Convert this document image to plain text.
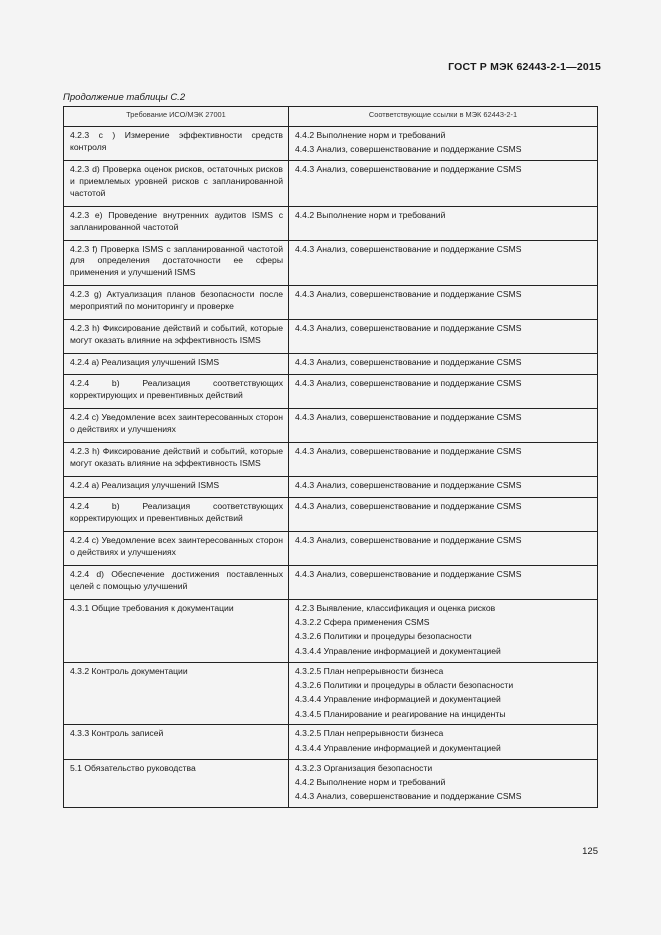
ГОСТ Р МЭК 62443-2-1—2015
Продолжение таблицы С.2
Требование ИСО/МЭК 27001	Соответствующие ссылки в МЭК 62443-2-1
4.2.3 c ) Измерение эффективности средств контроля	4.4.2 Выполнение норм и требований
4.4.3 Анализ, совершенствование и поддержание CSMS

4.2.3 d) Проверка оценок рисков, остаточных рисков и приемлемых уровней рисков с запланированной частотой	4.4.3 Анализ, совершенствование и поддержание CSMS

4.2.3 e) Проведение внутренних аудитов ISMS с запланированной частотой	4.4.2 Выполнение норм и требований

4.2.3 f) Проверка ISMS с запланированной частотой для определения достаточности ее сферы применения и улучшений ISMS	4.4.3 Анализ, совершенствование и поддержание CSMS

4.2.3 g) Актуализация планов безопасности после мероприятий по мониторингу и проверке	4.4.3 Анализ, совершенствование и поддержание CSMS

4.2.3 h) Фиксирование действий и событий, которые могут оказать влияние на эффективность ISMS	4.4.3 Анализ, совершенствование и поддержание CSMS

4.2.4 a) Реализация улучшений ISMS	4.4.3 Анализ, совершенствование и поддержание CSMS

4.2.4 b) Реализация соответствующих корректирующих и превентивных действий	4.4.3 Анализ, совершенствование и поддержание CSMS

4.2.4 c) Уведомление всех заинтересованных сторон о действиях и улучшениях	4.4.3 Анализ, совершенствование и поддержание CSMS

4.2.3 h) Фиксирование действий и событий, которые могут оказать влияние на эффективность ISMS	4.4.3 Анализ, совершенствование и поддержание CSMS

4.2.4 a) Реализация улучшений ISMS	4.4.3 Анализ, совершенствование и поддержание CSMS

4.2.4 b) Реализация соответствующих корректирующих и превентивных действий	4.4.3 Анализ, совершенствование и поддержание CSMS

4.2.4 c) Уведомление всех заинтересованных сторон о действиях и улучшениях	4.4.3 Анализ, совершенствование и поддержание CSMS

4.2.4 d) Обеспечение достижения поставленных целей с помощью улучшений	4.4.3 Анализ, совершенствование и поддержание CSMS

4.3.1 Общие требования к документации	4.2.3 Выявление, классификация и оценка рисков
4.3.2.2 Сфера применения CSMS
4.3.2.6 Политики и процедуры безопасности
4.3.4.4 Управление информацией и документацией

4.3.2 Контроль документации	4.3.2.5 План непрерывности бизнеса
4.3.2.6 Политики и процедуры в области безопасности
4.3.4.4 Управление информацией и документацией
4.3.4.5 Планирование и реагирование на инциденты

4.3.3 Контроль записей	4.3.2.5 План непрерывности бизнеса
4.3.4.4 Управление информацией и документацией

5.1 Обязательство руководства	4.3.2.3 Организация безопасности
4.4.2 Выполнение норм и требований
4.4.3 Анализ, совершенствование и поддержание CSMS
125
